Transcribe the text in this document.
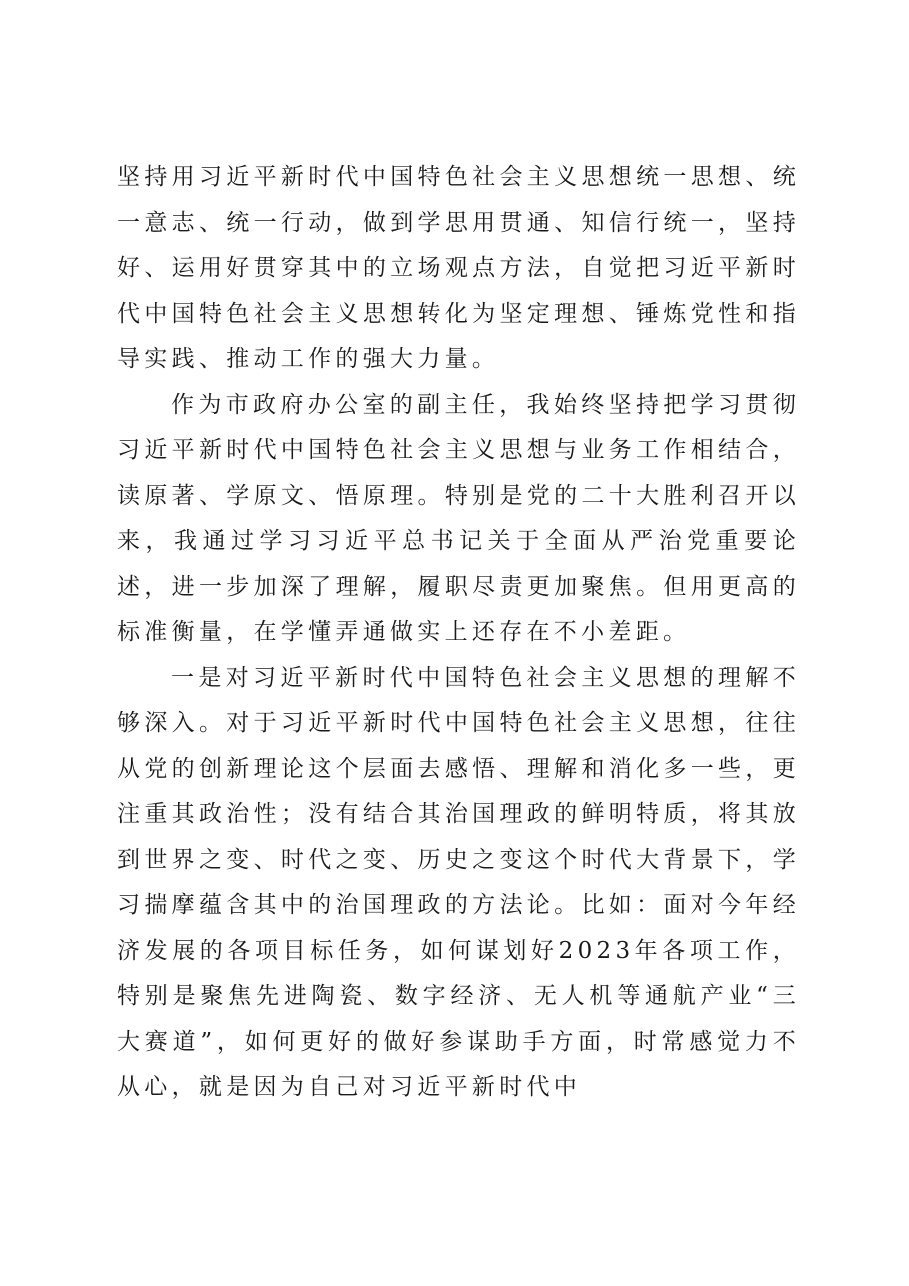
坚持用习近平新时代中国特色社会主义思想统一思想、统一意志、统一行动，做到学思用贯通、知信行统一，坚持好、运用好贯穿其中的立场观点方法，自觉把习近平新时代中国特色社会主义思想转化为坚定理想、锤炼党性和指导实践、推动工作的强大力量。

作为市政府办公室的副主任，我始终坚持把学习贯彻习近平新时代中国特色社会主义思想与业务工作相结合，读原著、学原文、悟原理。特别是党的二十大胜利召开以来，我通过学习习近平总书记关于全面从严治党重要论述，进一步加深了理解，履职尽责更加聚焦。但用更高的标准衡量，在学懂弄通做实上还存在不小差距。

一是对习近平新时代中国特色社会主义思想的理解不够深入。对于习近平新时代中国特色社会主义思想，往往从党的创新理论这个层面去感悟、理解和消化多一些，更注重其政治性；没有结合其治国理政的鲜明特质，将其放到世界之变、时代之变、历史之变这个时代大背景下，学习揣摩蕴含其中的治国理政的方法论。比如：面对今年经济发展的各项目标任务，如何谋划好2023年各项工作，特别是聚焦先进陶瓷、数字经济、无人机等通航产业“三大赛道”，如何更好的做好参谋助手方面，时常感觉力不从心，就是因为自己对习近平新时代中
